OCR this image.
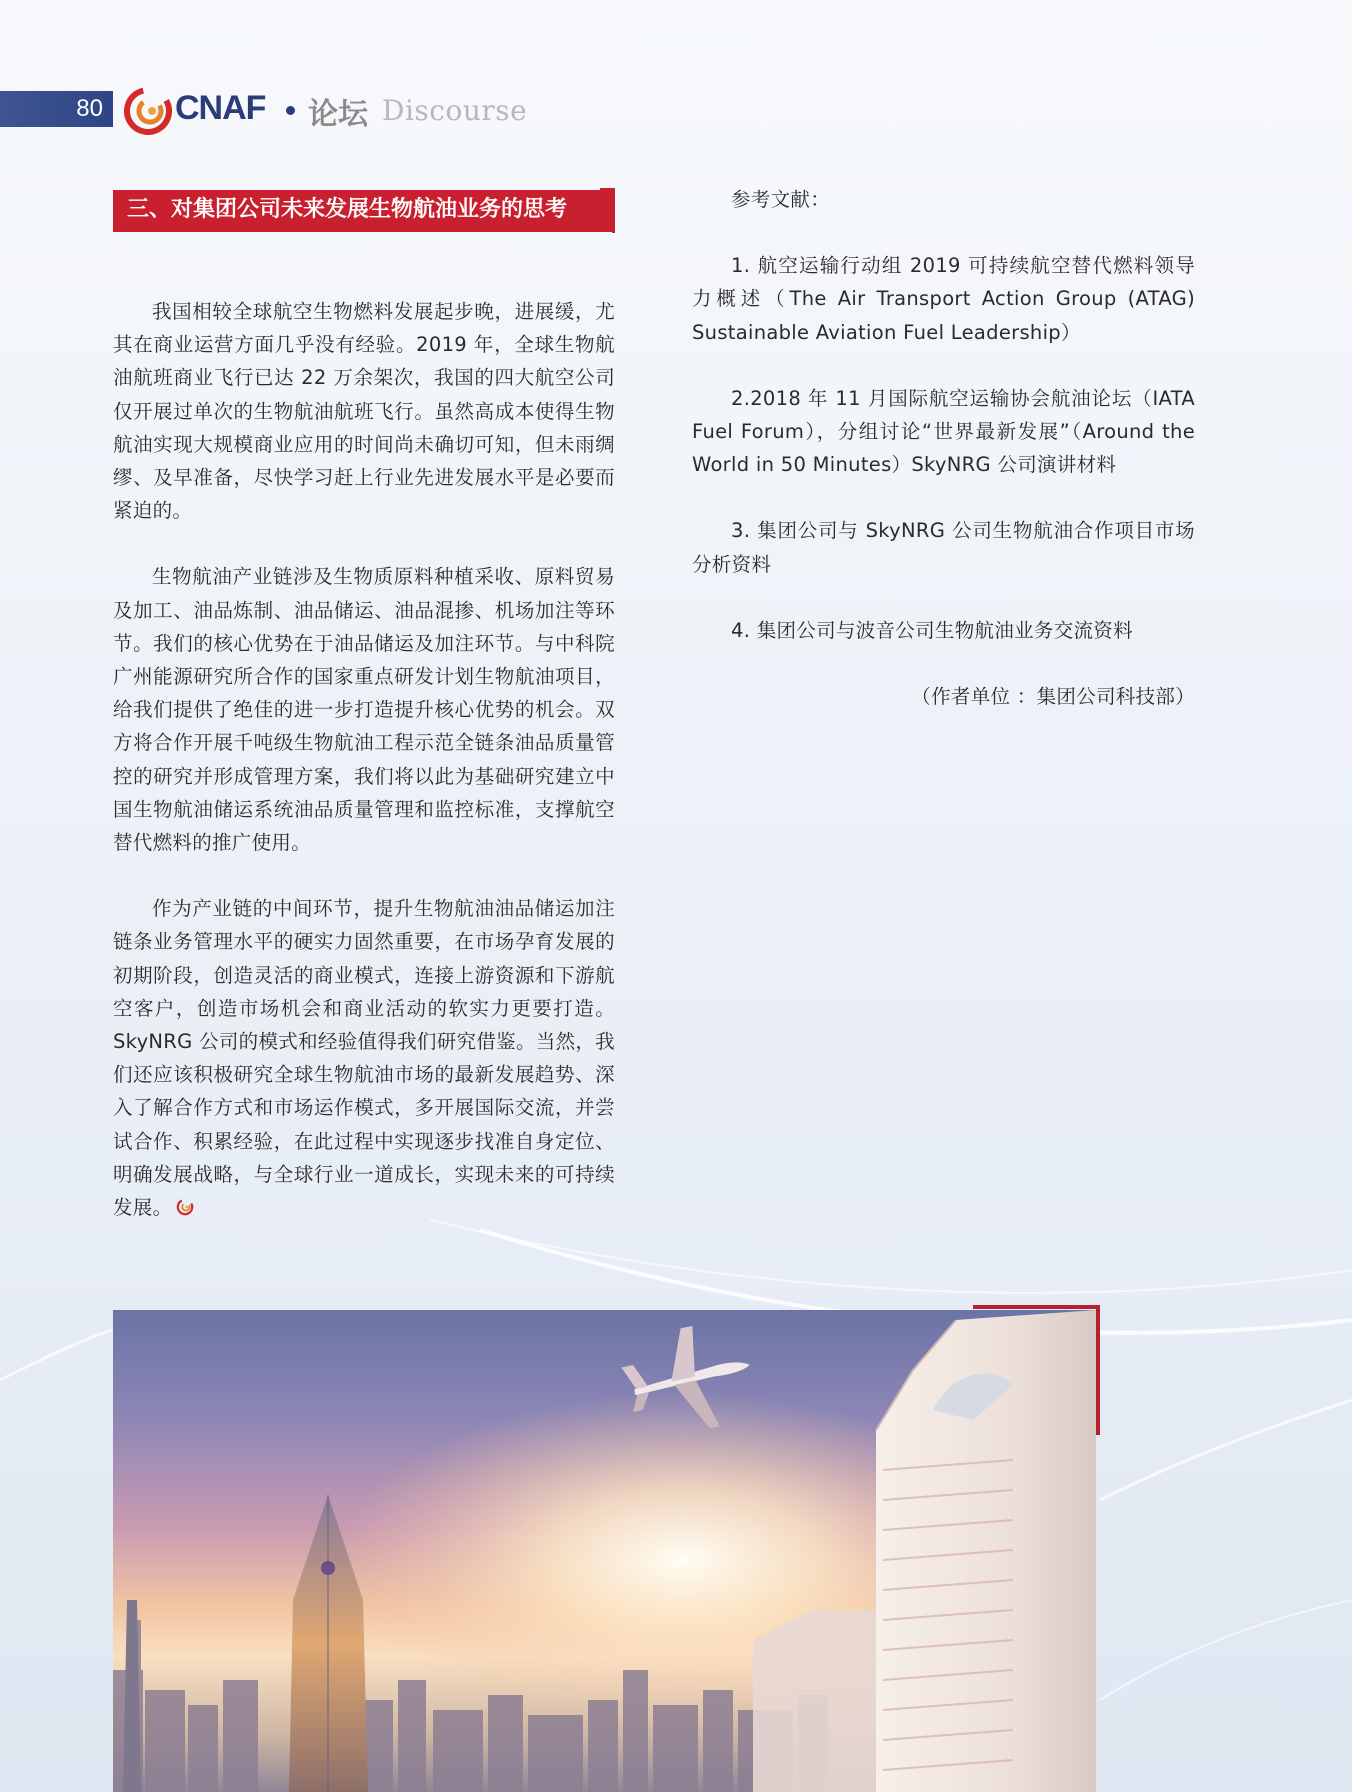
80 CNAF 论坛 Discourse
三、对集团公司未来发展生物航油业务的思考

我国相较全球航空生物燃料发展起步晚，进展缓，尤其在商业运营方面几乎没有经验。2019 年，全球生物航油航班商业飞行已达 22 万余架次，我国的四大航空公司仅开展过单次的生物航油航班飞行。虽然高成本使得生物航油实现大规模商业应用的时间尚未确切可知，但未雨绸缪、及早准备，尽快学习赶上行业先进发展水平是必要而紧迫的。

生物航油产业链涉及生物质原料种植采收、原料贸易及加工、油品炼制、油品储运、油品混掺、机场加注等环节。我们的核心优势在于油品储运及加注环节。与中科院广州能源研究所合作的国家重点研发计划生物航油项目，给我们提供了绝佳的进一步打造提升核心优势的机会。双方将合作开展千吨级生物航油工程示范全链条油品质量管控的研究并形成管理方案，我们将以此为基础研究建立中国生物航油储运系统油品质量管理和监控标准，支撑航空替代燃料的推广使用。

作为产业链的中间环节，提升生物航油油品储运加注链条业务管理水平的硬实力固然重要，在市场孕育发展的初期阶段，创造灵活的商业模式，连接上游资源和下游航空客户，创造市场机会和商业活动的软实力更要打造。SkyNRG 公司的模式和经验值得我们研究借鉴。当然，我们还应该积极研究全球生物航油市场的最新发展趋势、深入了解合作方式和市场运作模式，多开展国际交流，并尝试合作、积累经验，在此过程中实现逐步找准自身定位、明确发展战略，与全球行业一道成长，实现未来的可持续发展。

参考文献：

1. 航空运输行动组 2019 可持续航空替代燃料领导力概述（The Air Transport Action Group (ATAG) Sustainable Aviation Fuel Leadership）

2.2018 年 11 月国际航空运输协会航油论坛（IATA Fuel Forum），分组讨论“世界最新发展”（Around the World in 50 Minutes）SkyNRG 公司演讲材料

3. 集团公司与 SkyNRG 公司生物航油合作项目市场分析资料

4. 集团公司与波音公司生物航油业务交流资料

（作者单位 ：集团公司科技部）
